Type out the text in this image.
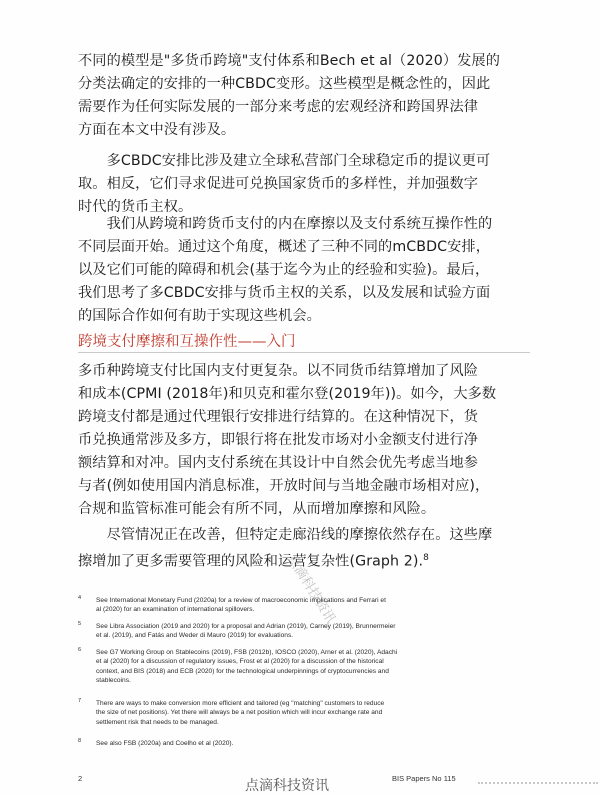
不同的模型是"多货币跨境"支付体系和Bech et al（2020）发展的
分类法确定的安排的一种CBDC变形。这些模型是概念性的，因此
需要作为任何实际发展的一部分来考虑的宏观经济和跨国界法律
方面在本文中没有涉及。
　　多CBDC安排比涉及建立全球私营部门全球稳定币的提议更可
取。相反，它们寻求促进可兑换国家货币的多样性，并加强数字
时代的货币主权。
　　我们从跨境和跨货币支付的内在摩擦以及支付系统互操作性的
不同层面开始。通过这个角度，概述了三种不同的mCBDC安排，
以及它们可能的障碍和机会(基于迄今为止的经验和实验)。最后，
我们思考了多CBDC安排与货币主权的关系，以及发展和试验方面
的国际合作如何有助于实现这些机会。
跨境支付摩擦和互操作性——入门
多币种跨境支付比国内支付更复杂。以不同货币结算增加了风险
和成本(CPMI (2018年)和贝克和霍尔登(2019年))。如今，大多数
跨境支付都是通过代理银行安排进行结算的。在这种情况下，货
币兑换通常涉及多方，即银行将在批发市场对小金额支付进行净
额结算和对冲。国内支付系统在其设计中自然会优先考虑当地参
与者(例如使用国内消息标准，开放时间与当地金融市场相对应)，
合规和监管标准可能会有所不同，从而增加摩擦和风险。
　　尽管情况正在改善，但特定走廊沿线的摩擦依然存在。这些摩
擦增加了更多需要管理的风险和运营复杂性(Graph 2).$^8$
点滴科技资讯
4 See International Monetary Fund (2020a) for a review of macroeconomic implications and Ferrari et
al (2020) for an examination of international spillovers.
5 See Libra Association (2019 and 2020) for a proposal and Adrian (2019), Carney (2019), Brunnermeier
et al. (2019), and Fatás and Weder di Mauro (2019) for evaluations.
6 See G7 Working Group on Stablecoins (2019), FSB (2012b), IOSCO (2020), Arner et al. (2020), Adachi
et al (2020) for a discussion of regulatory issues, Frost et al (2020) for a discussion of the historical
context, and BIS (2018) and ECB (2020) for the technological underpinnings of cryptocurrencies and
stablecoins.
7 There are ways to make conversion more efficient and tailored (eg "matching" customers to reduce
the size of net positions). Yet there will always be a net position which will incur exchange rate and
settlement risk that needs to be managed.
8 See also FSB (2020a) and Coelho et al (2020).
2	点滴科技资讯	BIS Papers No 115
